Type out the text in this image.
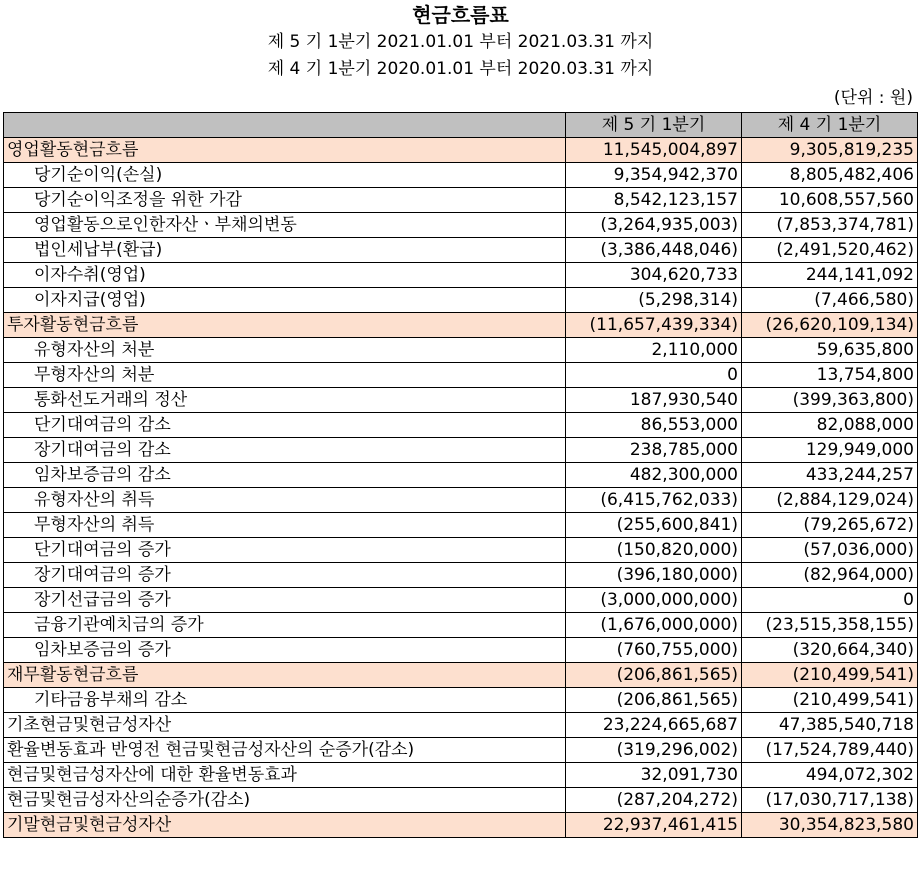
현금흐름표
제 5 기 1분기 2021.01.01 부터 2021.03.31 까지
제 4 기 1분기 2020.01.01 부터 2020.03.31 까지
(단위 : 원)
	제 5 기 1분기	제 4 기 1분기
영업활동현금흐름	11,545,004,897	9,305,819,235
당기순이익(손실)	9,354,942,370	8,805,482,406
당기순이익조정을 위한 가감	8,542,123,157	10,608,557,560
영업활동으로인한자산ㆍ부채의변동	(3,264,935,003)	(7,853,374,781)
법인세납부(환급)	(3,386,448,046)	(2,491,520,462)
이자수취(영업)	304,620,733	244,141,092
이자지급(영업)	(5,298,314)	(7,466,580)
투자활동현금흐름	(11,657,439,334)	(26,620,109,134)
유형자산의 처분	2,110,000	59,635,800
무형자산의 처분	0	13,754,800
통화선도거래의 정산	187,930,540	(399,363,800)
단기대여금의 감소	86,553,000	82,088,000
장기대여금의 감소	238,785,000	129,949,000
임차보증금의 감소	482,300,000	433,244,257
유형자산의 취득	(6,415,762,033)	(2,884,129,024)
무형자산의 취득	(255,600,841)	(79,265,672)
단기대여금의 증가	(150,820,000)	(57,036,000)
장기대여금의 증가	(396,180,000)	(82,964,000)
장기선급금의 증가	(3,000,000,000)	0
금융기관예치금의 증가	(1,676,000,000)	(23,515,358,155)
임차보증금의 증가	(760,755,000)	(320,664,340)
재무활동현금흐름	(206,861,565)	(210,499,541)
기타금융부채의 감소	(206,861,565)	(210,499,541)
기초현금및현금성자산	23,224,665,687	47,385,540,718
환율변동효과 반영전 현금및현금성자산의 순증가(감소)	(319,296,002)	(17,524,789,440)
현금및현금성자산에 대한 환율변동효과	32,091,730	494,072,302
현금및현금성자산의순증가(감소)	(287,204,272)	(17,030,717,138)
기말현금및현금성자산	22,937,461,415	30,354,823,580
